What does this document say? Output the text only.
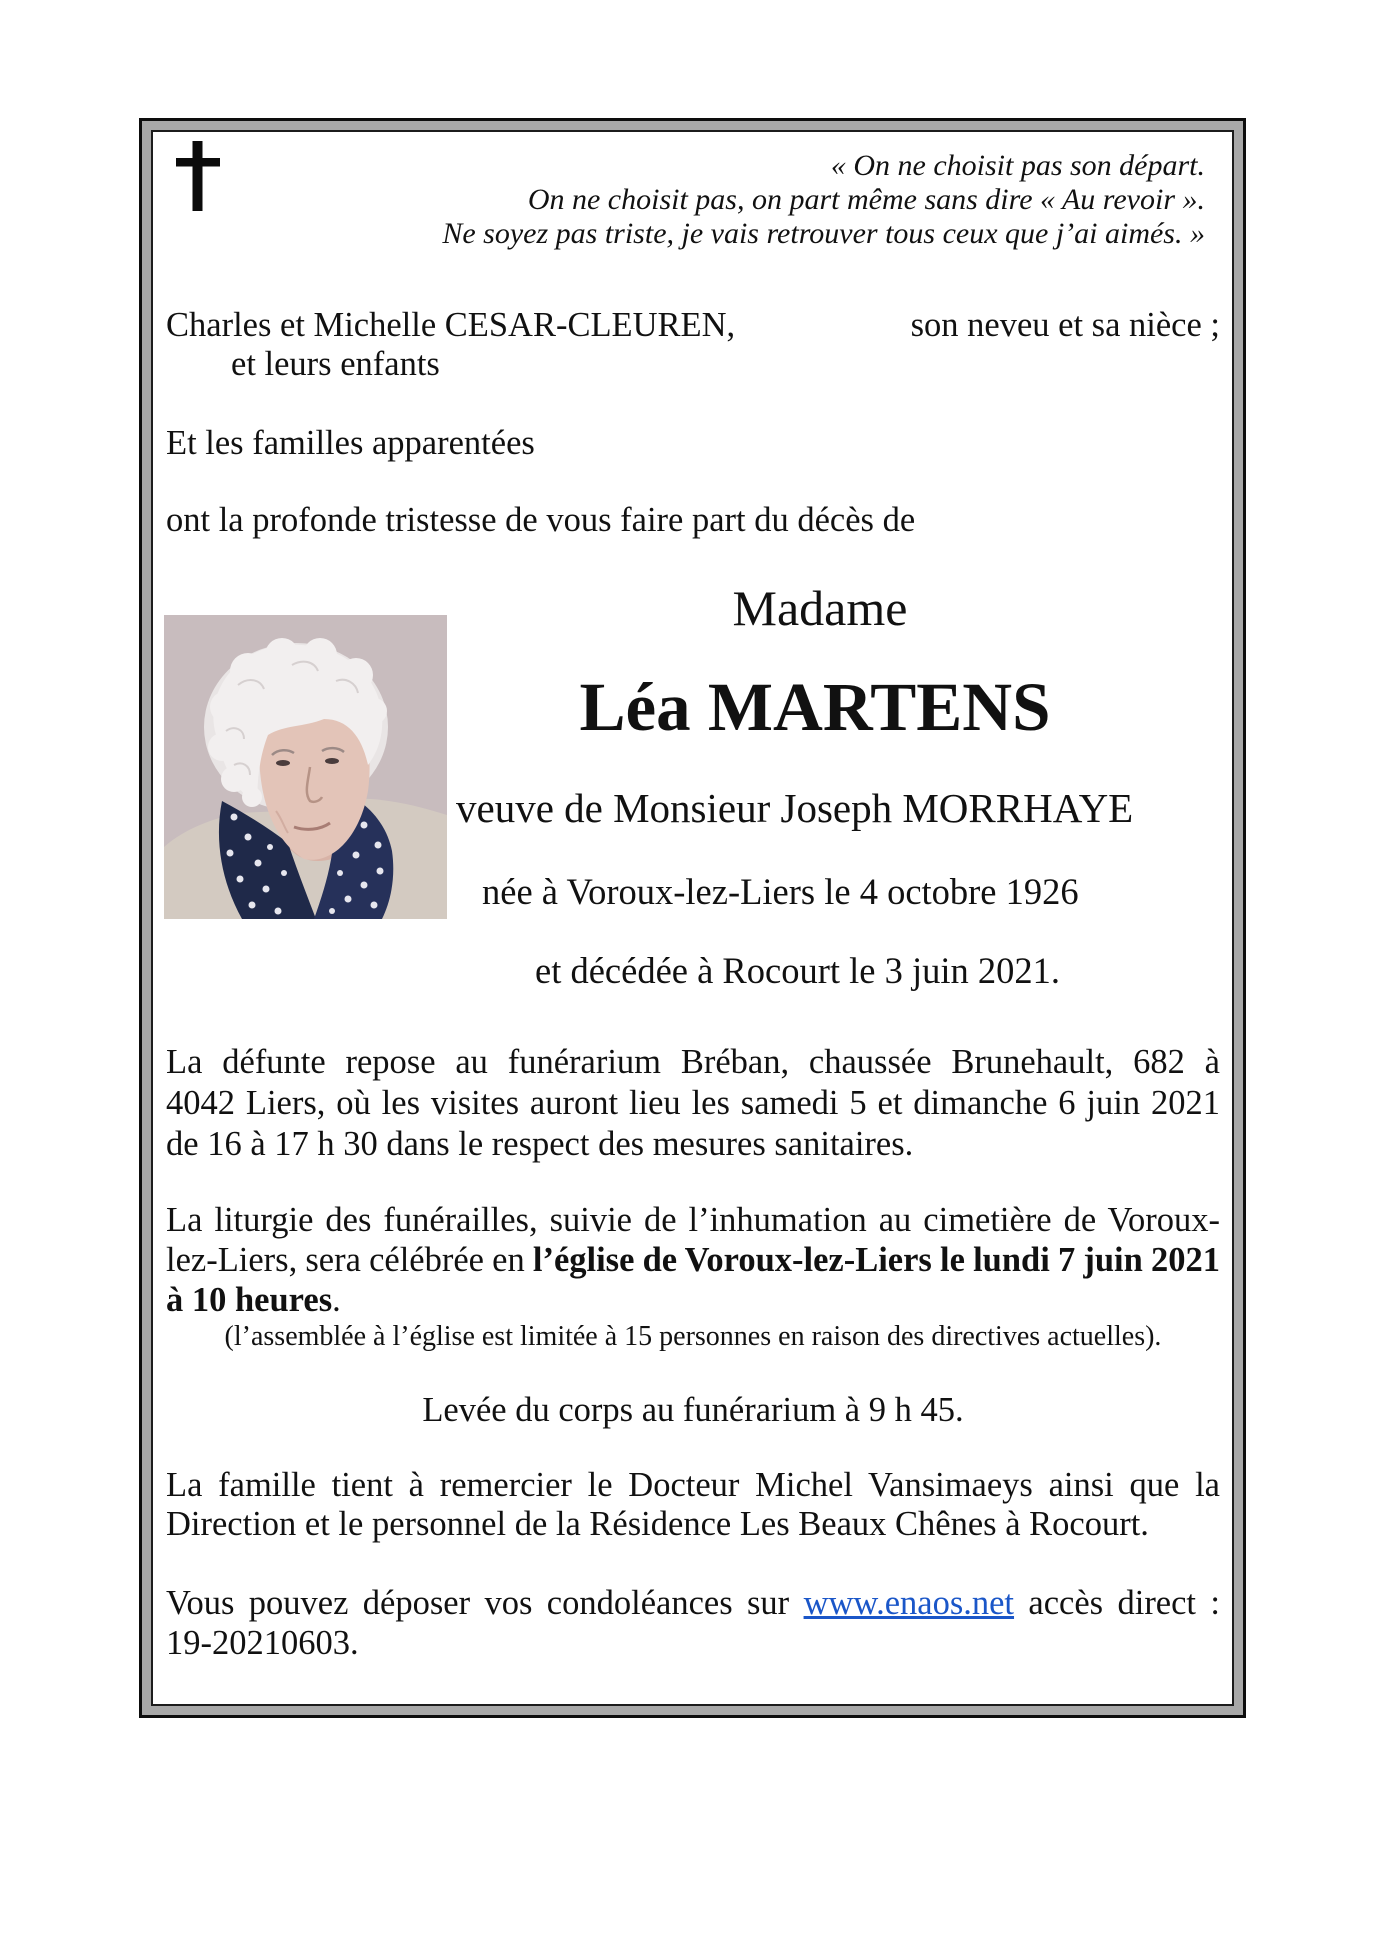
« On ne choisit pas son départ.
On ne choisit pas, on part même sans dire « Au revoir ».
Ne soyez pas triste, je vais retrouver tous ceux que j’ai aimés. »
Charles et Michelle CESAR-CLEUREN,	son neveu et sa nièce ;
et leurs enfants
Et les familles apparentées
ont la profonde tristesse de vous faire part du décès de
Madame
Léa MARTENS
veuve de Monsieur Joseph MORRHAYE
née à Voroux-lez-Liers le 4 octobre 1926
et décédée à Rocourt le 3 juin 2021.
La défunte repose au funérarium Bréban, chaussée Brunehault, 682 à
4042 Liers, où les visites auront lieu les samedi 5 et dimanche 6 juin 2021
de 16 à 17 h 30 dans le respect des mesures sanitaires.
La liturgie des funérailles, suivie de l’inhumation au cimetière de Voroux-
lez-Liers, sera célébrée en l’église de Voroux-lez-Liers le lundi 7 juin 2021
à 10 heures.
(l’assemblée à l’église est limitée à 15 personnes en raison des directives actuelles).
Levée du corps au funérarium à 9 h 45.
La famille tient à remercier le Docteur Michel Vansimaeys ainsi que la
Direction et le personnel de la Résidence Les Beaux Chênes à Rocourt.
Vous pouvez déposer vos condoléances sur www.enaos.net accès direct :
19-20210603.
